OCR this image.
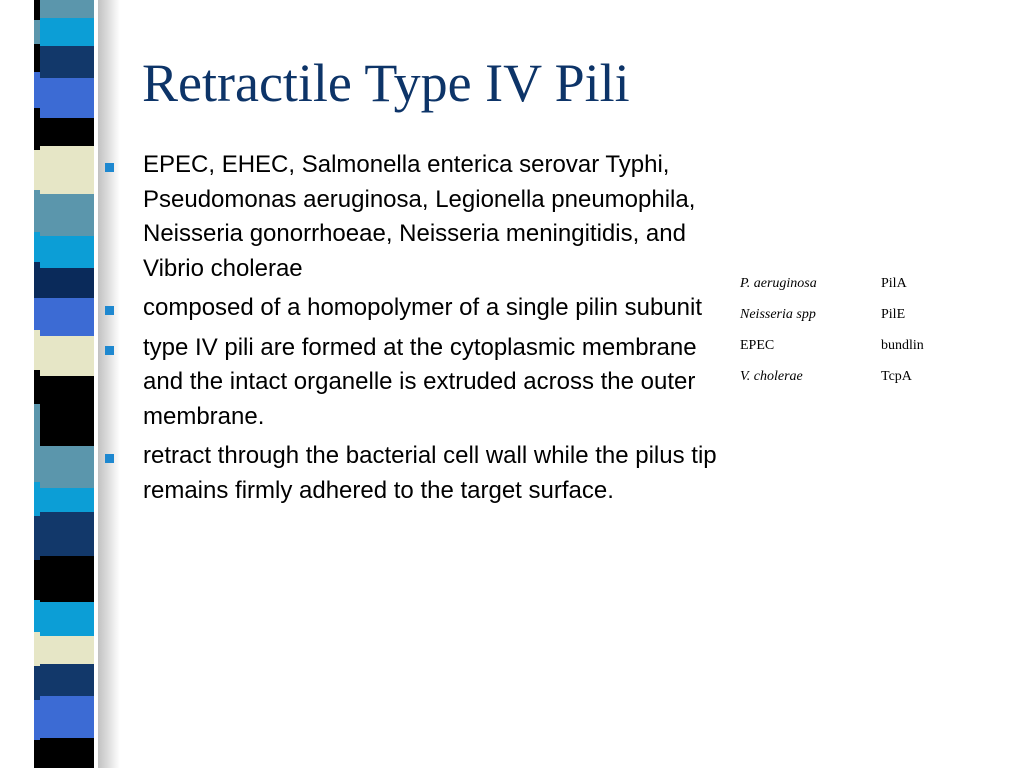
Retractile Type IV Pili
EPEC, EHEC, Salmonella enterica serovar Typhi, Pseudomonas aeruginosa, Legionella pneumophila, Neisseria gonorrhoeae, Neisseria meningitidis, and Vibrio cholerae
composed of a homopolymer of a single pilin subunit
type IV pili are formed at the cytoplasmic membrane and the intact organelle is extruded across the outer membrane.
retract through the bacterial cell wall while the pilus tip remains firmly adhered to the target surface.
P. aeruginosa	PilA
Neisseria spp	PilE
EPEC	bundlin
V. cholerae	TcpA
